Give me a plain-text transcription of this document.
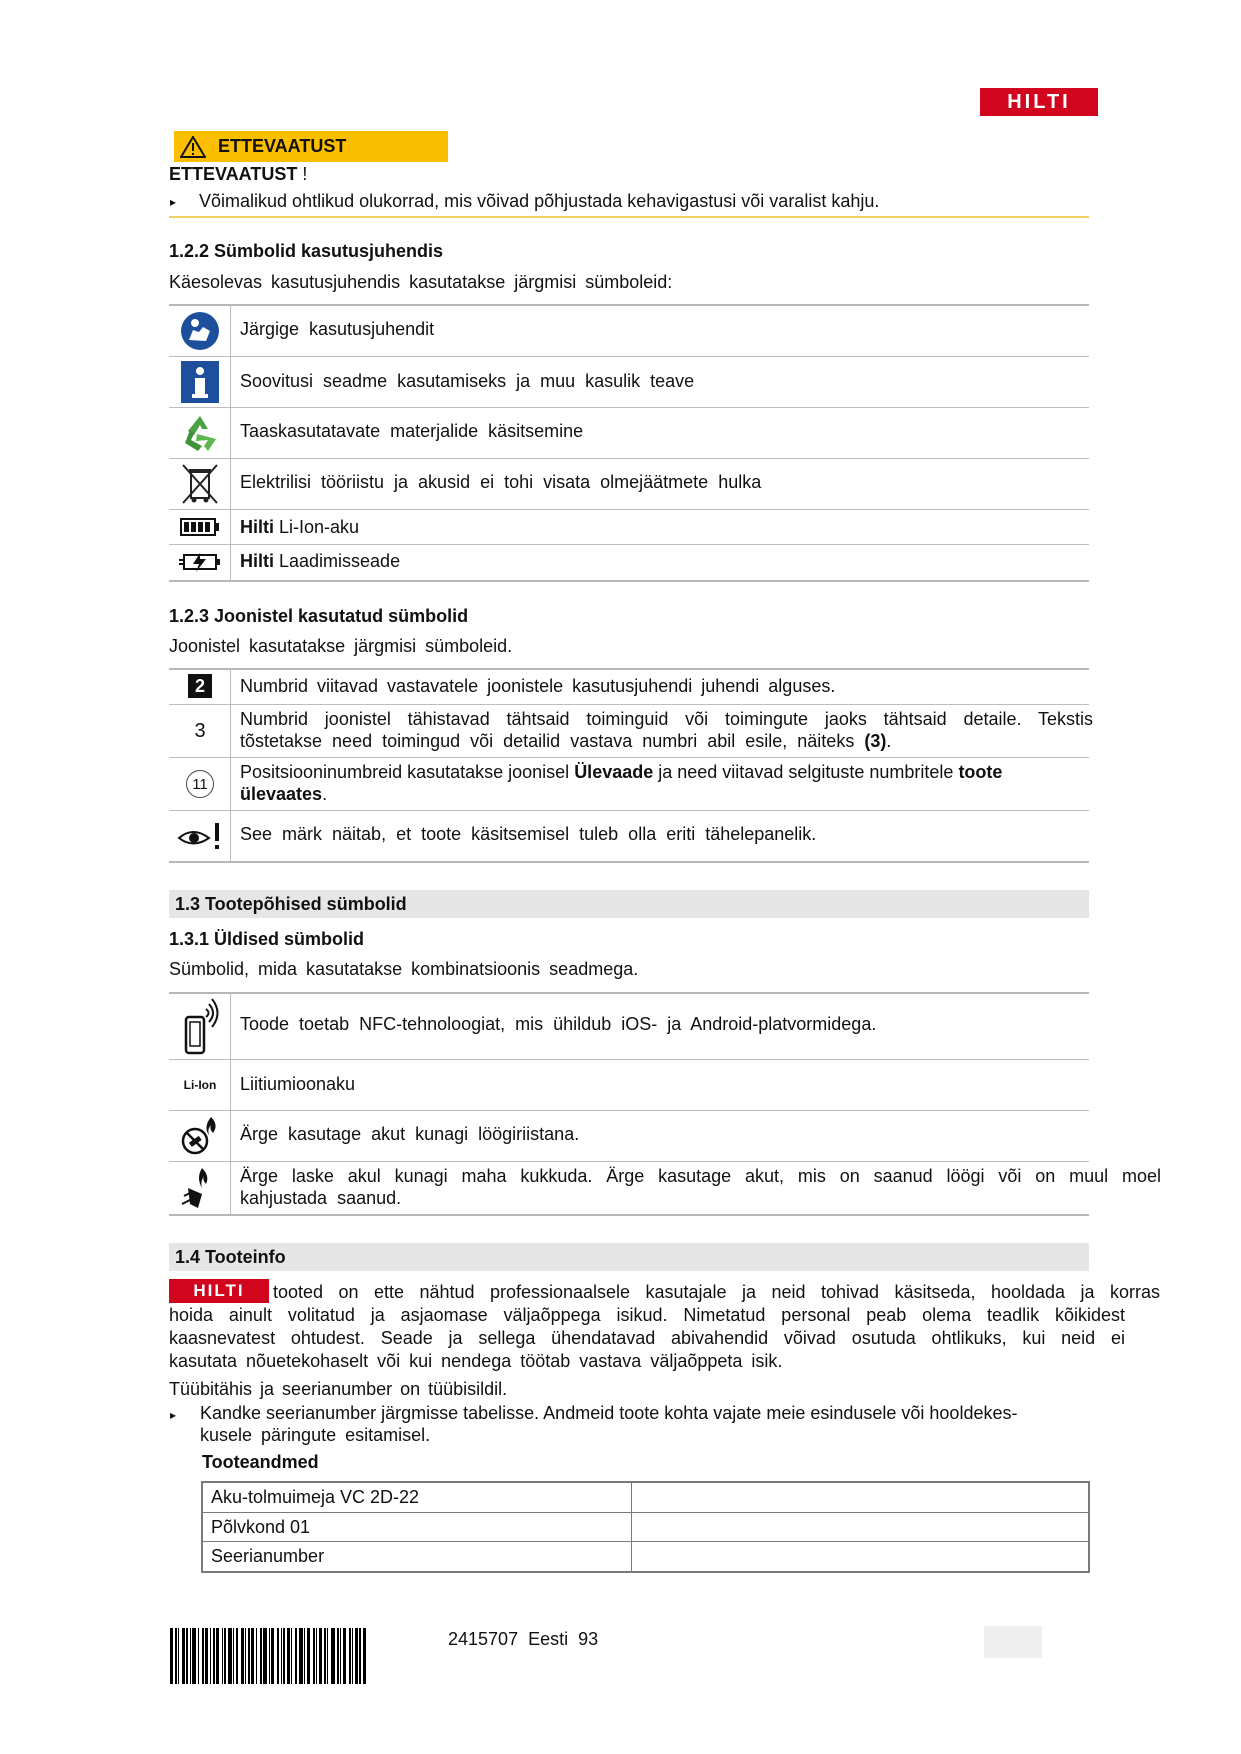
HILTI
ETTEVAATUST
ETTEVAATUST !
▸ Võimalikud ohtlikud olukorrad, mis võivad põhjustada kehavigastusi või varalist kahju.
1.2.2 Sümbolid kasutusjuhendis
Käesolevas kasutusjuhendis kasutatakse järgmisi sümboleid:
Järgige kasutusjuhendit
Soovitusi seadme kasutamiseks ja muu kasulik teave
Taaskasutatavate materjalide käsitsemine
Elektrilisi tööriistu ja akusid ei tohi visata olmejäätmete hulka
Hilti Li-Ion-aku
Hilti Laadimisseade
1.2.3 Joonistel kasutatud sümbolid
Joonistel kasutatakse järgmisi sümboleid.
2	Numbrid viitavad vastavatele joonistele kasutusjuhendi juhendi alguses.
3
Numbrid joonistel tähistavad tähtsaid toiminguid või toimingute jaoks tähtsaid detaile. Tekstis
tõstetakse need toimingud või detailid vastava numbri abil esile, näiteks (3).
11
Positsiooninumbreid kasutatakse joonisel Ülevaade ja need viitavad selgituste numbritele toote
ülevaates.
See märk näitab, et toote käsitsemisel tuleb olla eriti tähelepanelik.
1.3 Tootepõhised sümbolid
1.3.1 Üldised sümbolid
Sümbolid, mida kasutatakse kombinatsioonis seadmega.
Toode toetab NFC-tehnoloogiat, mis ühildub iOS- ja Android-platvormidega.
Li-Ion Liitiumioonaku
Ärge kasutage akut kunagi löögiriistana.
Ärge laske akul kunagi maha kukkuda. Ärge kasutage akut, mis on saanud löögi või on muul moel
kahjustada saanud.
1.4 Tooteinfo
HILTI tooted on ette nähtud professionaalsele kasutajale ja neid tohivad käsitseda, hooldada ja korras
hoida ainult volitatud ja asjaomase väljaõppega isikud. Nimetatud personal peab olema teadlik kõikidest
kaasnevatest ohtudest. Seade ja sellega ühendatavad abivahendid võivad osutuda ohtlikuks, kui neid ei
kasutata nõuetekohaselt või kui nendega töötab vastava väljaõppeta isik.
Tüübitähis ja seerianumber on tüübisildil.
▸ Kandke seerianumber järgmisse tabelisse. Andmeid toote kohta vajate meie esindusele või hooldekes-
kusele päringute esitamisel.
Tooteandmed
Aku-tolmuimeja VC 2D-22
Põlvkond 01
Seerianumber
2415707 Eesti 93
